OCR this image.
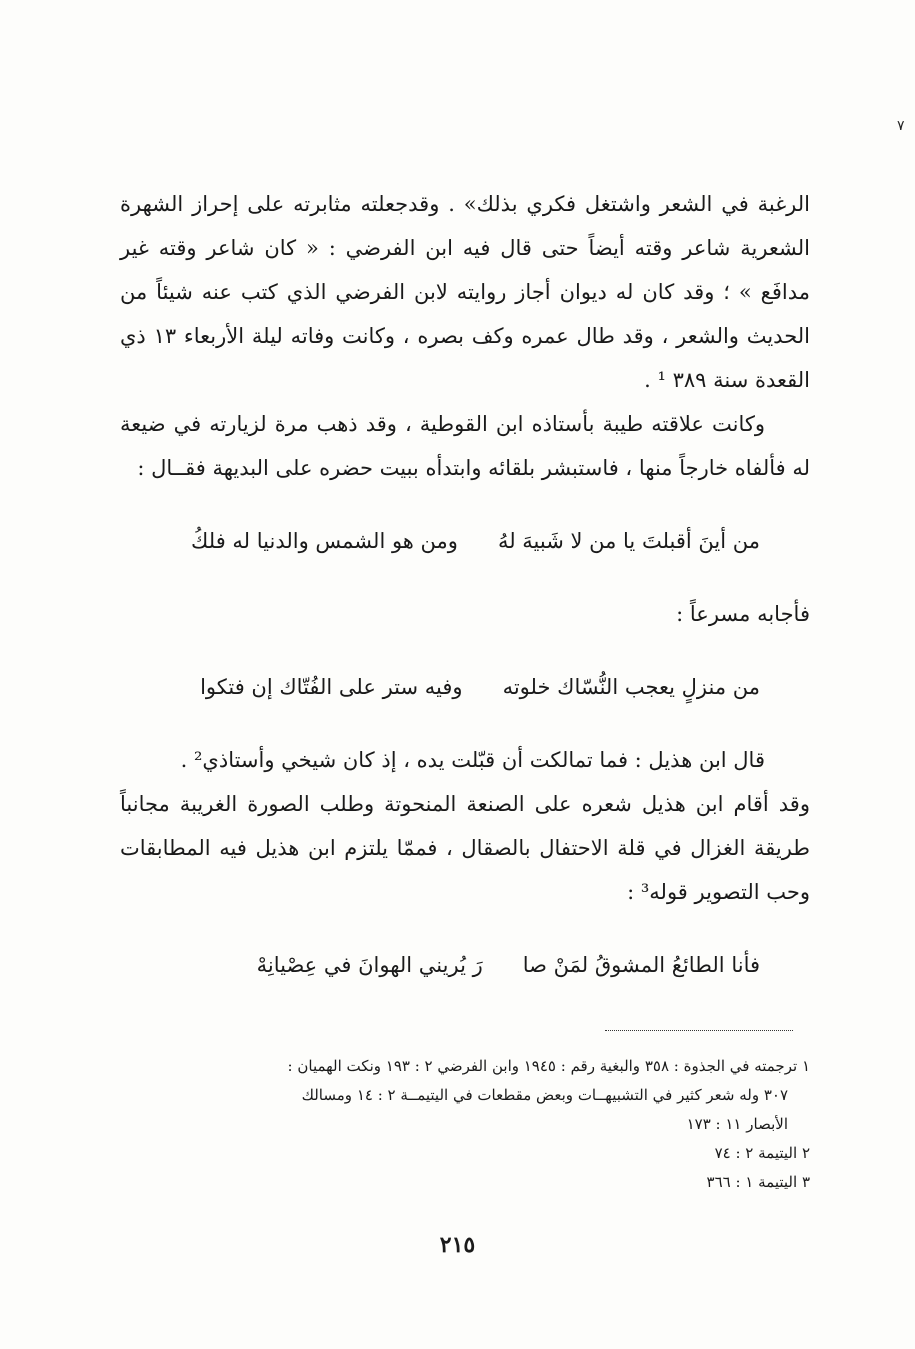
٧

الرغبة في الشعر واشتغل فكري بذلك» . وقدجعلته مثابرته على إحراز الشهرة الشعرية شاعر وقته أيضاً حتى قال فيه ابن الفرضي : « كان شاعر وقته غير مدافَع » ؛ وقد كان له ديوان أجاز روايته لابن الفرضي الذي كتب عنه شيئاً من الحديث والشعر ، وقد طال عمره وكف بصره ، وكانت وفاته ليلة الأربعاء ١٣ ذي القعدة سنة ٣٨٩ ¹ .

وكانت علاقته طيبة بأستاذه ابن القوطية ، وقد ذهب مرة لزيارته في ضيعة له فألفاه خارجاً منها ، فاستبشر بلقائه وابتدأه ببيت حضره على البديهة فقــال :

من أينَ أقبلتَ يا من لا شَبيهَ لهُ
ومن هو الشمس والدنيا له فلكُ

فأجابه مسرعاً :

من منزلٍ يعجب النُّسّاك خلوته
وفيه ستر على الفُتّاك إن فتكوا

قال ابن هذيل : فما تمالكت أن قبّلت يده ، إذ كان شيخي وأستاذي² .

وقد أقام ابن هذيل شعره على الصنعة المنحوتة وطلب الصورة الغريبة مجانباً طريقة الغزال في قلة الاحتفال بالصقال ، فممّا يلتزم ابن هذيل فيه المطابقات وحب التصوير قوله³ :

فأنا الطائعُ المشوقُ لمَنْ صا
رَ يُريني الهوانَ في عِصْيانِهْ

١ ترجمته في الجذوة : ٣٥٨ والبغية رقم : ١٩٤٥ وابن الفرضي ٢ : ١٩٣ ونكت الهميان :

٣٠٧ وله شعر كثير في التشبيهــات وبعض مقطعات في اليتيمــة ٢ : ١٤ ومسالك

الأبصار ١١ : ١٧٣

٢ اليتيمة ٢ : ٧٤

٣ اليتيمة ١ : ٣٦٦

٢١٥
